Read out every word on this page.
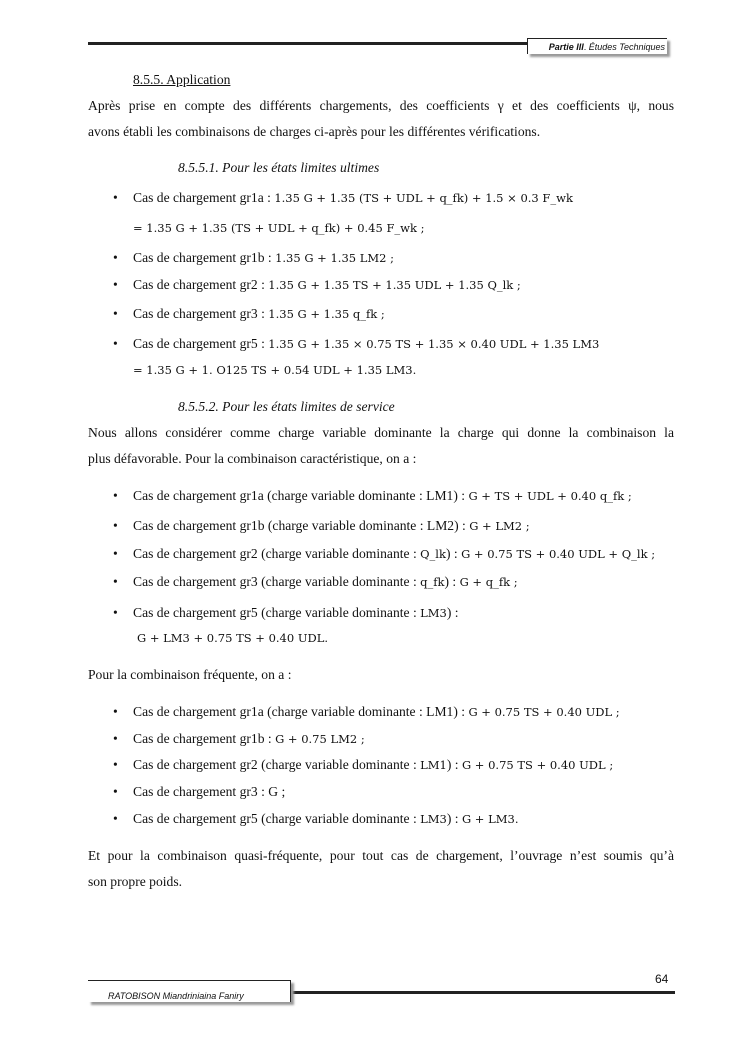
Partie III. Études Techniques
8.5.5. Application
Après prise en compte des différents chargements, des coefficients γ et des coefficients ψ, nous
avons établi les combinaisons de charges ci-après pour les différentes vérifications.
8.5.5.1. Pour les états limites ultimes
• Cas de chargement gr1a : 1.35 G + 1.35 (TS + UDL + q_fk) + 1.5 × 0.3 F_wk
= 1.35 G + 1.35 (TS + UDL + q_fk) + 0.45 F_wk ;
• Cas de chargement gr1b : 1.35 G + 1.35 LM2 ;
• Cas de chargement gr2 : 1.35 G + 1.35 TS + 1.35 UDL + 1.35 Q_lk ;
• Cas de chargement gr3 : 1.35 G + 1.35 q_fk ;
• Cas de chargement gr5 : 1.35 G + 1.35 × 0.75 TS + 1.35 × 0.40 UDL + 1.35 LM3
= 1.35 G + 1. O125 TS + 0.54 UDL + 1.35 LM3.
8.5.5.2. Pour les états limites de service
Nous allons considérer comme charge variable dominante la charge qui donne la combinaison la
plus défavorable. Pour la combinaison caractéristique, on a :
• Cas de chargement gr1a (charge variable dominante : LM1) : G + TS + UDL + 0.40 q_fk ;
• Cas de chargement gr1b (charge variable dominante : LM2) : G + LM2 ;
• Cas de chargement gr2 (charge variable dominante : Q_lk) : G + 0.75 TS + 0.40 UDL + Q_lk ;
• Cas de chargement gr3 (charge variable dominante : q_fk) : G + q_fk ;
• Cas de chargement gr5 (charge variable dominante : LM3) :
G + LM3 + 0.75 TS + 0.40 UDL.
Pour la combinaison fréquente, on a :
• Cas de chargement gr1a (charge variable dominante : LM1) : G + 0.75 TS + 0.40 UDL ;
• Cas de chargement gr1b : G + 0.75 LM2 ;
• Cas de chargement gr2 (charge variable dominante : LM1) : G + 0.75 TS + 0.40 UDL ;
• Cas de chargement gr3 : G ;
• Cas de chargement gr5 (charge variable dominante : LM3) : G + LM3.
Et pour la combinaison quasi-fréquente, pour tout cas de chargement, l’ouvrage n’est soumis qu’à
son propre poids.
64
RATOBISON Miandriniaina Faniry
